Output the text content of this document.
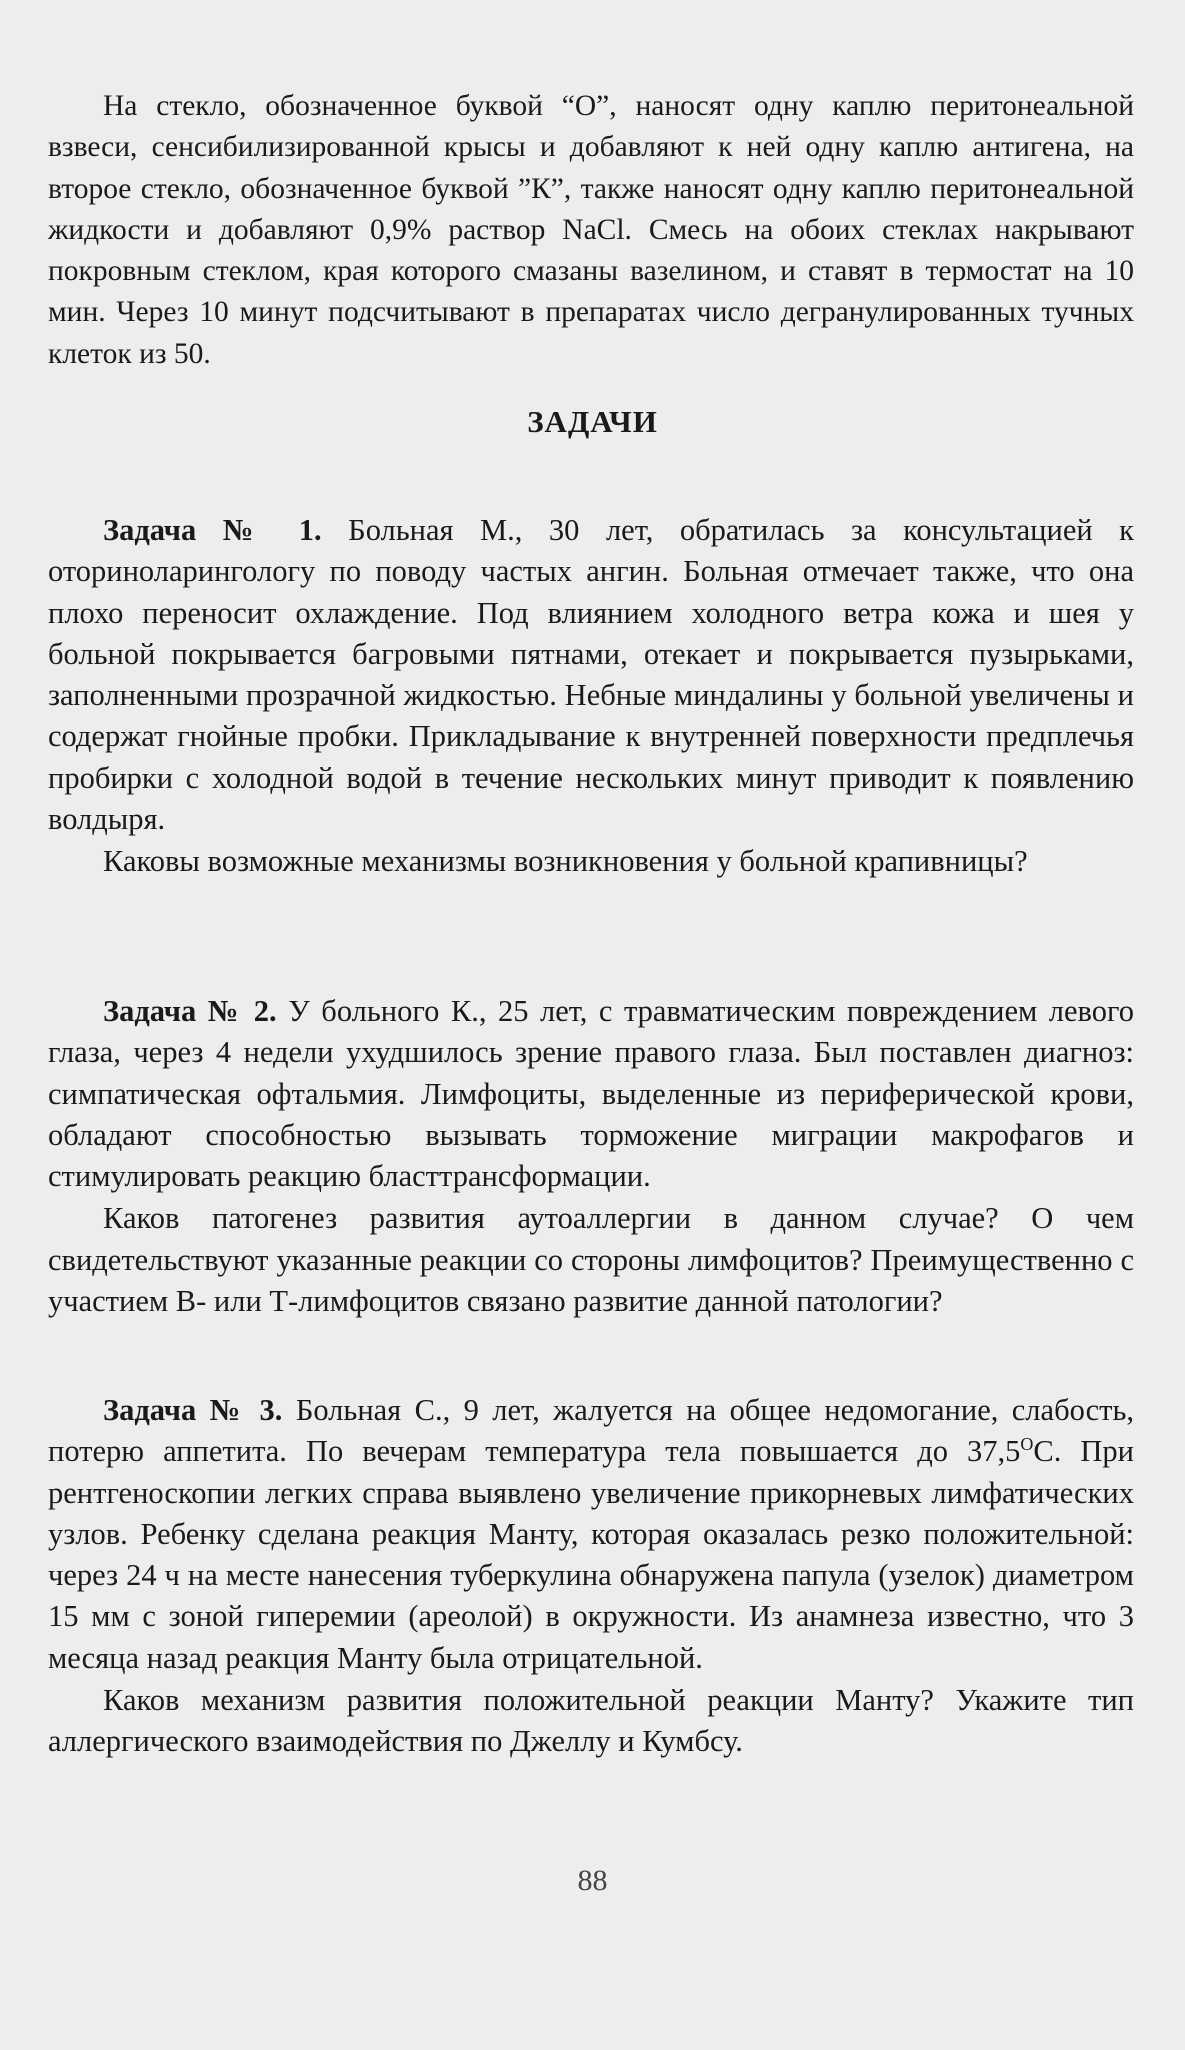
На стекло, обозначенное буквой “О”, наносят одну каплю перитонеальной взвеси, сенсибилизированной крысы и добавляют к ней одну каплю антигена, на второе стекло, обозначенное буквой ”К”, также наносят одну каплю перитонеальной жидкости и добавляют 0,9% раствор NaCl. Смесь на обоих стеклах накрывают покровным стеклом, края которого смазаны вазелином, и ставят в термостат на 10 мин. Через 10 минут подсчитывают в препаратах число дегранулированных тучных клеток из 50.

ЗАДАЧИ

Задача № 1. Больная М., 30 лет, обратилась за консультацией к оториноларингологу по поводу частых ангин. Больная отмечает также, что она плохо переносит охлаждение. Под влиянием холодного ветра кожа и шея у больной покрывается багровыми пятнами, отекает и покрывается пузырьками, заполненными прозрачной жидкостью. Небные миндалины у больной увеличены и содержат гнойные пробки. Прикладывание к внутренней поверхности предплечья пробирки с холодной водой в течение нескольких минут приводит к появлению волдыря.

Каковы возможные механизмы возникновения у больной крапивницы?

Задача № 2. У больного К., 25 лет, с травматическим повреждением левого глаза, через 4 недели ухудшилось зрение правого глаза. Был поставлен диагноз: симпатическая офтальмия. Лимфоциты, выделенные из периферической крови, обладают способностью вызывать торможение миграции макрофагов и стимулировать реакцию бласттрансформации.

Каков патогенез развития аутоаллергии в данном случае? О чем свидетельствуют указанные реакции со стороны лимфоцитов? Преимущественно с участием В- или Т-лимфоцитов связано развитие данной патологии?

Задача № 3. Больная С., 9 лет, жалуется на общее недомогание, слабость, потерю аппетита. По вечерам температура тела повышается до $37,5^ОС$. При рентгеноскопии легких справа выявлено увеличение прикорневых лимфатических узлов. Ребенку сделана реакция Манту, которая оказалась резко положительной: через 24 ч на месте нанесения туберкулина обнаружена папула (узелок) диаметром 15 мм с зоной гиперемии (ареолой) в окружности. Из анамнеза известно, что 3 месяца назад реакция Манту была отрицательной.

Каков механизм развития положительной реакции Манту? Укажите тип аллергического взаимодействия по Джеллу и Кумбсу.

88
